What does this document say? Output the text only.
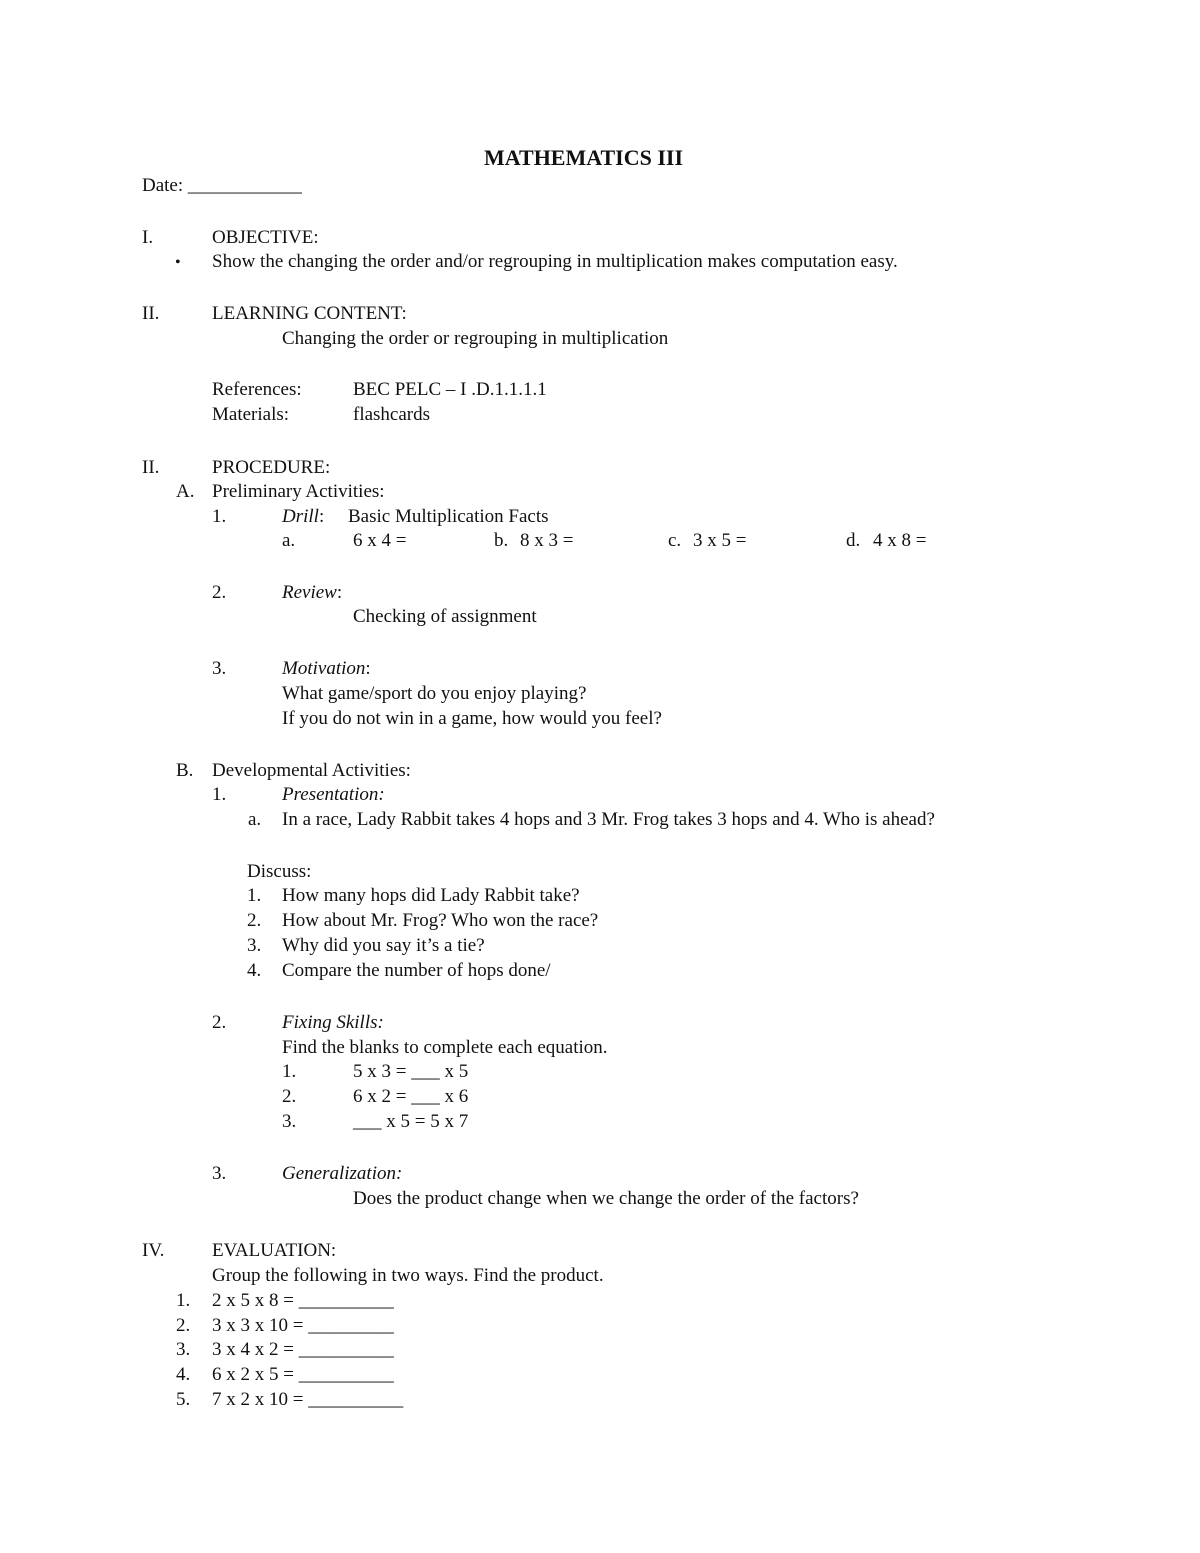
MATHEMATICS III
Date: ____________
I.	OBJECTIVE:
• Show the changing the order and/or regrouping in multiplication makes computation easy.
II.	LEARNING CONTENT:
Changing the order or regrouping in multiplication
References:	BEC PELC – I .D.1.1.1.1
Materials:	flashcards
II.	PROCEDURE:
A. Preliminary Activities:
1.	Drill: Basic Multiplication Facts
a.	6 x 4 =	b. 8 x 3 =	c. 3 x 5 =	d. 4 x 8 =
2.	Review:
Checking of assignment
3.	Motivation:
What game/sport do you enjoy playing?
If you do not win in a game, how would you feel?
B. Developmental Activities:
1.	Presentation:
a. In a race, Lady Rabbit takes 4 hops and 3 Mr. Frog takes 3 hops and 4. Who is ahead?
Discuss:
1. How many hops did Lady Rabbit take?
2. How about Mr. Frog? Who won the race?
3. Why did you say it’s a tie?
4. Compare the number of hops done/
2.	Fixing Skills:
Find the blanks to complete each equation.
1.	5 x 3 = ___ x 5
2.	6 x 2 = ___ x 6
3.	___ x 5 = 5 x 7
3.	Generalization:
Does the product change when we change the order of the factors?
IV.	EVALUATION:
Group the following in two ways. Find the product.
1. 2 x 5 x 8 = __________
2. 3 x 3 x 10 = _________
3. 3 x 4 x 2 = __________
4. 6 x 2 x 5 = __________
5. 7 x 2 x 10 = __________
